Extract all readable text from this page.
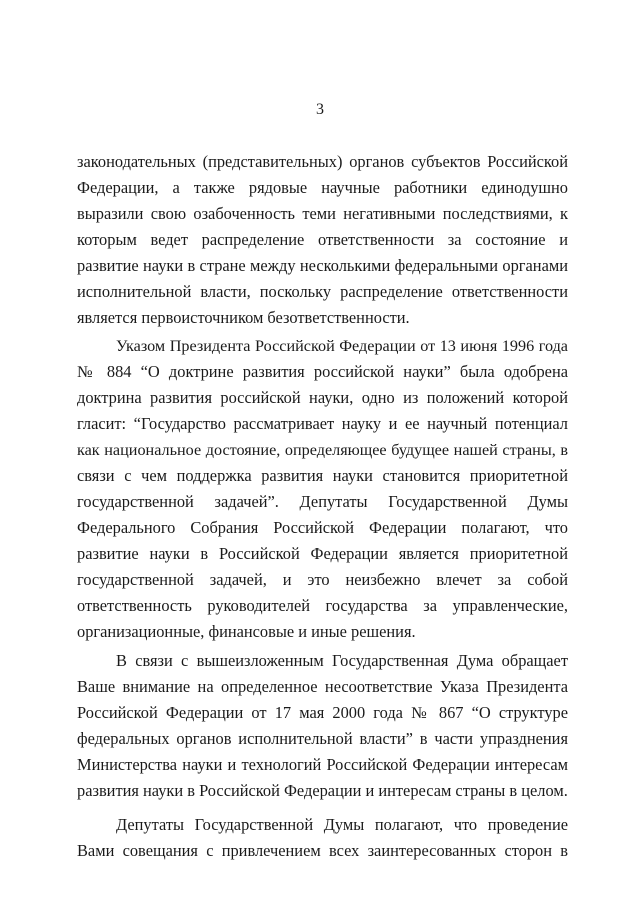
3
законодательных (представительных) органов субъектов Российской
Федерации, а также рядовые научные работники единодушно
выразили свою озабоченность теми негативными последствиями, к
которым ведет распределение ответственности за состояние и
развитие науки в стране между несколькими федеральными органами
исполнительной власти, поскольку распределение ответственности
является первоисточником безответственности.
Указом Президента Российской Федерации от 13 июня 1996 года
№ 884 “О доктрине развития российской науки” была одобрена
доктрина развития российской науки, одно из положений которой
гласит: “Государство рассматривает науку и ее научный потенциал
как национальное достояние, определяющее будущее нашей страны, в
связи с чем поддержка развития науки становится приоритетной
государственной задачей”. Депутаты Государственной Думы
Федерального Собрания Российской Федерации полагают, что
развитие науки в Российской Федерации является приоритетной
государственной задачей, и это неизбежно влечет за собой
ответственность руководителей государства за управленческие,
организационные, финансовые и иные решения.
В связи с вышеизложенным Государственная Дума обращает
Ваше внимание на определенное несоответствие Указа Президента
Российской Федерации от 17 мая 2000 года № 867 “О структуре
федеральных органов исполнительной власти” в части упразднения
Министерства науки и технологий Российской Федерации интересам
развития науки в Российской Федерации и интересам страны в целом.
Депутаты Государственной Думы полагают, что проведение
Вами совещания с привлечением всех заинтересованных сторон в
